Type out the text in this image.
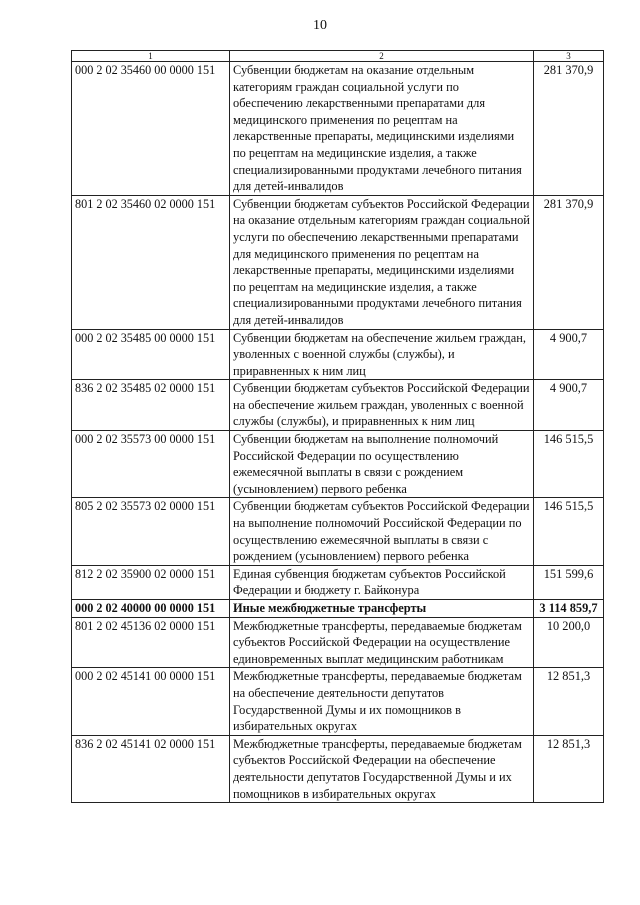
10
1	2	3
000 2 02 35460 00 0000 151	Субвенции бюджетам на оказание отдельным категориям граждан социальной услуги по обеспечению лекарственными препаратами для медицинского применения по рецептам на лекарственные препараты, медицинскими изделиями по рецептам на медицинские изделия, а также специализированными продуктами лечебного питания для детей-инвалидов	281 370,9
801 2 02 35460 02 0000 151	Субвенции бюджетам субъектов Российской Федерации на оказание отдельным категориям граждан социальной услуги по обеспечению лекарственными препаратами для медицинского применения по рецептам на лекарственные препараты, медицинскими изделиями по рецептам на медицинские изделия, а также специализированными продуктами лечебного питания для детей-инвалидов	281 370,9
000 2 02 35485 00 0000 151	Субвенции бюджетам на обеспечение жильем граждан, уволенных с военной службы (службы), и приравненных к ним лиц	4 900,7
836 2 02 35485 02 0000 151	Субвенции бюджетам субъектов Российской Федерации на обеспечение жильем граждан, уволенных с военной службы (службы), и приравненных к ним лиц	4 900,7
000 2 02 35573 00 0000 151	Субвенции бюджетам на выполнение полномочий Российской Федерации по осуществлению ежемесячной выплаты в связи с рождением (усыновлением) первого ребенка	146 515,5
805 2 02 35573 02 0000 151	Субвенции бюджетам субъектов Российской Федерации на выполнение полномочий Российской Федерации по осуществлению ежемесячной выплаты в связи с рождением (усыновлением) первого ребенка	146 515,5
812 2 02 35900 02 0000 151	Единая субвенция бюджетам субъектов Российской Федерации и бюджету г. Байконура	151 599,6
000 2 02 40000 00 0000 151	Иные межбюджетные трансферты	3 114 859,7
801 2 02 45136 02 0000 151	Межбюджетные трансферты, передаваемые бюджетам субъектов Российской Федерации на осуществление единовременных выплат медицинским работникам	10 200,0
000 2 02 45141 00 0000 151	Межбюджетные трансферты, передаваемые бюджетам на обеспечение деятельности депутатов Государственной Думы и их помощников в избирательных округах	12 851,3
836 2 02 45141 02 0000 151	Межбюджетные трансферты, передаваемые бюджетам субъектов Российской Федерации на обеспечение деятельности депутатов Государственной Думы и их помощников в избирательных округах	12 851,3
